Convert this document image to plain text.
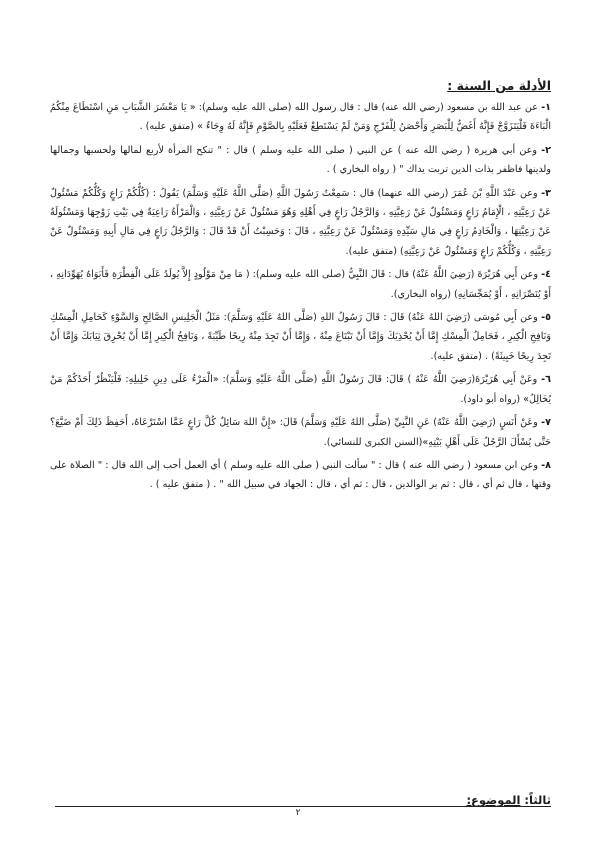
الأدلة من السنة :

١- عن عبد الله بن مسعود (رضي الله عنه) قال : قال رسول الله (صلى الله عليه وسلم): « يَا مَعْشَرَ الشَّبَابِ مَنِ اسْتَطَاعَ مِنْكُمُ الْبَاءَةَ فَلْيَتَزَوَّجْ فَإِنَّهُ أَغَضُّ لِلْبَصَرِ وَأَحْصَنُ لِلْفَرْجِ وَمَنْ لَمْ يَسْتَطِعْ فَعَلَيْهِ بِالصَّوْمِ فَإِنَّهُ لَهُ وِجَاءٌ » (متفق عليه) .

٢- وعن أبي هريرة ( رضي الله عنه ) عن النبي ( صلى الله عليه وسلم ) قال : " تنكح المرأة لأربع لمالها ولحسبها وجمالها ولدينها فاظفر بذات الدين تربت يداك " ( رواه البخاري ) .

٣- وعن عَبْدَ اللَّهِ بْنَ عُمَرَ (رضي الله عنهما) قال : سَمِعْتُ رَسُولَ اللَّهِ (صَلَّى اللَّهُ عَلَيْهِ وَسَلَّمَ) يَقُولُ : (كُلُّكُمْ رَاعٍ وَكُلُّكُمْ مَسْئُولٌ عَنْ رَعِيَّتِهِ ، الْإِمَامُ رَاعٍ وَمَسْئُولٌ عَنْ رَعِيَّتِهِ ، وَالرَّجُلُ رَاعٍ فِي أَهْلِهِ وَهُوَ مَسْئُولٌ عَنْ رَعِيَّتِهِ ، وَالْمَرْأَةُ رَاعِيَةٌ فِي بَيْتِ زَوْجِهَا وَمَسْئُولَةٌ عَنْ رَعِيَّتِهَا ، وَالْخَادِمُ رَاعٍ فِي مَالِ سَيِّدِهِ وَمَسْئُولٌ عَنْ رَعِيَّتِهِ ، قَالَ : وَحَسِبْتُ أَنْ قَدْ قَالَ : وَالرَّجُلُ رَاعٍ فِي مَالِ أَبِيهِ وَمَسْئُولٌ عَنْ رَعِيَّتِهِ ، وَكُلُّكُمْ رَاعٍ وَمَسْئُولٌ عَنْ رَعِيَّتِهِ) (متفق عليه).

٤- وعن أَبِي هُرَيْرَةَ (رَضِيَ اللَّهُ عَنْهُ) قال : قَالَ النَّبِيُّ (صلى الله عليه وسلم): ( مَا مِنْ مَوْلُودٍ إِلاَّ يُولَدُ عَلَى الْفِطْرَةِ فَأَبَوَاهُ يُهَوِّدَانِهِ ، أَوْ يُنَصِّرَانِهِ ، أَوْ يُمَجِّسَانِهِ) (رواه البخاري).

٥- وعن أَبِي مُوسَى (رَضِيَ اللهُ عَنْهُ) قَالَ : قَالَ رَسُولُ اللهِ (صَلَّى اللهُ عَلَيْهِ وَسَلَّمَ): مَثَلُ الْجَلِيسِ الصَّالِحِ وَالسَّوْءِ كَحَامِلِ الْمِسْكِ وَنَافِخِ الْكِيرِ ، فَحَامِلُ الْمِسْكِ إِمَّا أَنْ يُحْذِيَكَ وَإِمَّا أَنْ تَبْتَاعَ مِنْهُ ، وَإِمَّا أَنْ تَجِدَ مِنْهُ رِيحًا طَيِّبَةً ، وَنَافِخُ الْكِيرِ إِمَّا أَنْ يُحْرِقَ ثِيَابَكَ وَإِمَّا أَنْ تَجِدَ رِيحًا خَبِيثَةً) . (متفق عليه).

٦- وعَنْ أَبِي هُرَيْرَةَ(رَضِيَ اللَّهُ عَنْهُ ) قَالَ: قَالَ رَسُولُ اللَّهِ (صَلَّى اللَّهُ عَلَيْهِ وَسَلَّمَ): «الْمَرْءُ عَلَى دِينِ خَلِيلِهِ: فَلْيَنْظُرْ أَحَدُكُمْ مَنْ يُخَالِلُ» (رواه أبو داود).

٧- وعَنْ أَنَسٍ (رَضِيَ اللَّهُ عَنْهُ) عَنِ النَّبِيِّ (صَلَّى اللهُ عَلَيْهِ وَسَلَّمَ) قَالَ: «إِنَّ اللهَ سَائِلٌ كُلَّ رَاعٍ عَمَّا اسْتَرْعَاهُ، أَحَفِظَ ذَلِكَ أَمْ ضَيَّعَ؟ حَتَّى يُسْأَلَ الرَّجُلُ عَلَى أَهْلِ بَيْتِهِ»(السنن الكبرى للنسائي).

٨- وعن ابن مسعود ( رضي الله عنه ) قال : " سألت النبي ( صلى الله عليه وسلم ) أي العمل أحب إلى الله قال : " الصلاة على وقتها ، قال ثم أي ، قال : ثم بر الوالدين ، قال : ثم أي ، قال : الجهاد في سبيل الله " . ( متفق عليه ) .

ثالثاً: الموضوع:
٢
